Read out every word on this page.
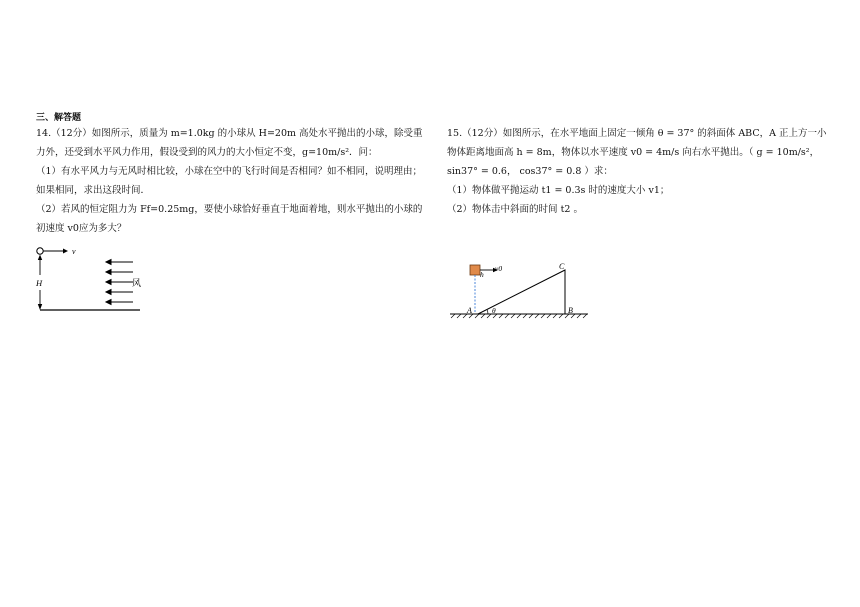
三、解答题

14.（12分）如图所示，质量为 m=1.0kg 的小球从 H=20m 高处水平抛出的小球，除受重力外，还受到水平风力作用，假设受到的风力的大小恒定不变，g=10m/s²．问：

（1）有水平风力与无风时相比较，小球在空中的飞行时间是否相同？如不相同，说明理由；如果相同，求出这段时间．

（2）若风的恒定阻力为 Ff=0.25mg，要使小球恰好垂直于地面着地，则水平抛出的小球的初速度 v0应为多大？

v
H	风

15.（12分）如图所示，在水平地面上固定一倾角 θ = 37° 的斜面体 ABC，A 正上方一小物体距离地面高 h = 8m，物体以水平速度 v0 = 4m/s 向右水平抛出。（ g = 10m/s²， sin37° = 0.6， cos37° = 0.8 ）求：

（1）物体做平抛运动 t1 = 0.3s 时的速度大小 v1；

（2）物体击中斜面的时间 t2 。

v0
h
A	B
C
θ
